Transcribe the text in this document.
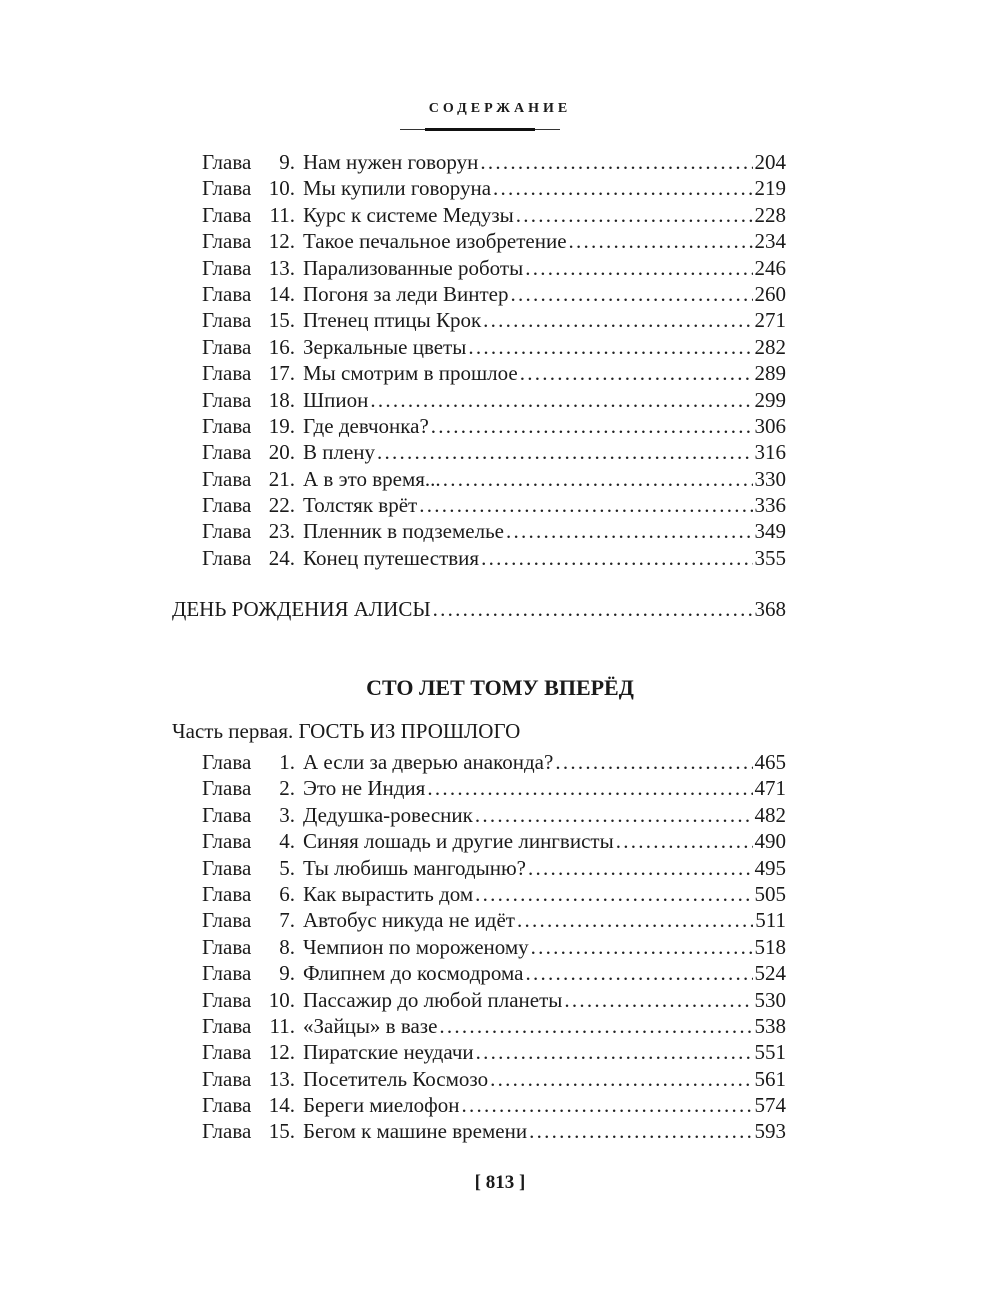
СОДЕРЖАНИЕ
Глава	9. Нам нужен говорун . . .	204
Глава 10. Мы купили говоруна . . .	219
Глава 11. Курс к системе Медузы . . .	228
Глава 12. Такое печальное изобретение . . .	234
Глава 13. Парализованные роботы . . .	246
Глава 14. Погоня за леди Винтер . . .	260
Глава 15. Птенец птицы Крок . . .	271
Глава 16. Зеркальные цветы . . .	282
Глава 17. Мы смотрим в прошлое . . .	289
Глава 18. Шпион . . .	299
Глава 19. Где девчонка? . . .	306
Глава 20. В плену . . .	316
Глава 21. А в это время... . . .	330
Глава 22. Толстяк врёт . . .	336
Глава 23. Пленник в подземелье . . .	349
Глава 24. Конец путешествия . . .	355
ДЕНЬ РОЖДЕНИЯ АЛИСЫ . . .	368
СТО ЛЕТ ТОМУ ВПЕРЁД
Часть первая. ГОСТЬ ИЗ ПРОШЛОГО
Глава	1. А если за дверью анаконда? . . .	465
Глава	2. Это не Индия . . .	471
Глава	3. Дедушка-ровесник . . .	482
Глава	4. Синяя лошадь и другие лингвисты . . .	490
Глава	5. Ты любишь мангодыню? . . .	495
Глава	6. Как вырастить дом . . .	505
Глава	7. Автобус никуда не идёт . . .	511
Глава	8. Чемпион по мороженому . . .	518
Глава	9. Флипнем до космодрома . . .	524
Глава 10. Пассажир до любой планеты . . .	530
Глава 11. «Зайцы» в вазе . . .	538
Глава 12. Пиратские неудачи . . .	551
Глава 13. Посетитель Космозо . . .	561
Глава 14. Береги миелофон . . .	574
Глава 15. Бегом к машине времени . . .	593
[ 813 ]
